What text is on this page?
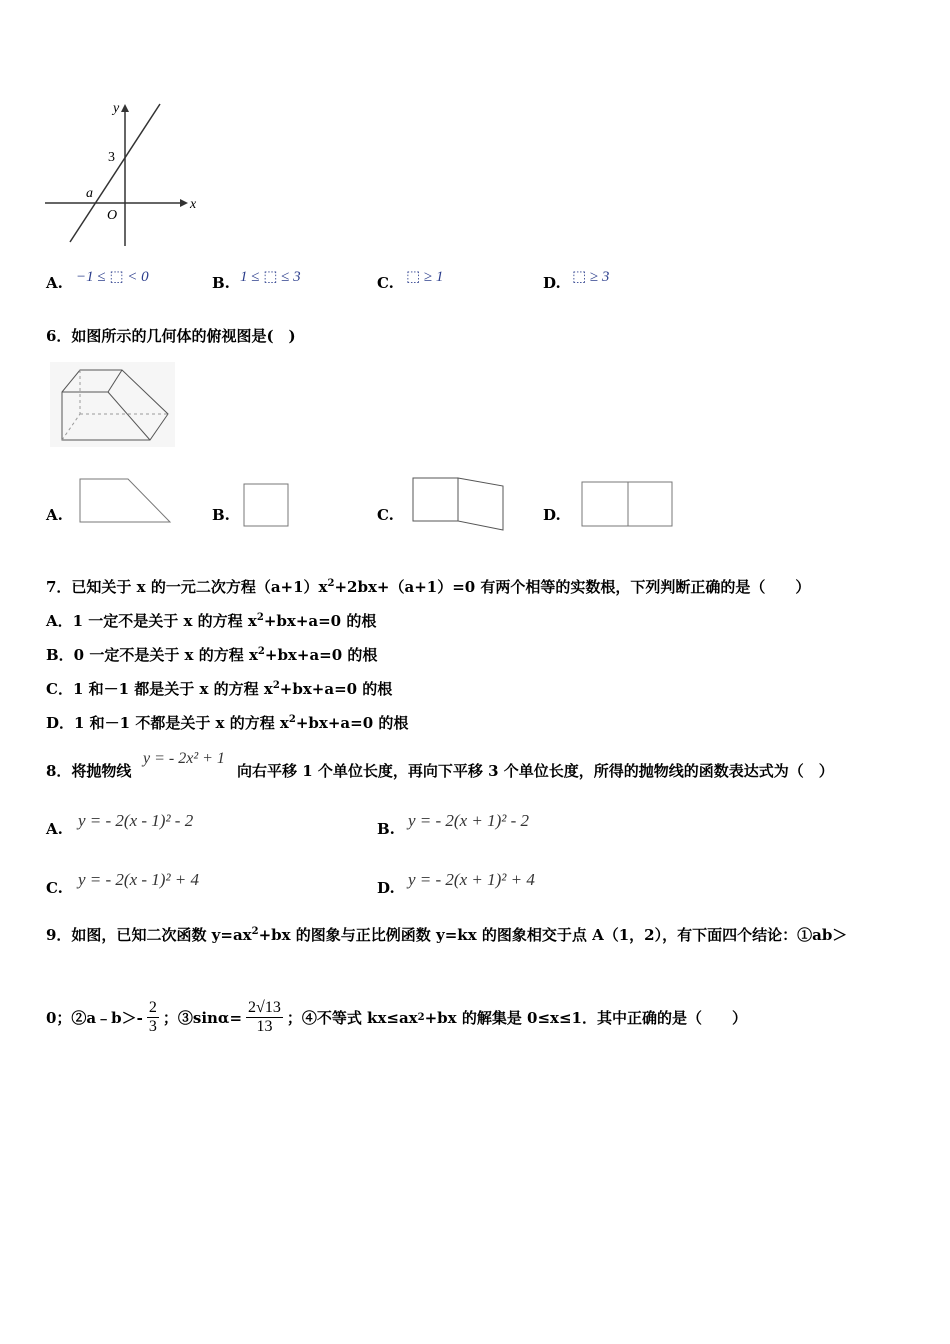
y
x
3
a
O
A. −1 ≤ ⬚ < 0	B. 1 ≤ ⬚ ≤ 3	C. ⬚ ≥ 1	D. ⬚ ≥ 3
6．如图所示的几何体的俯视图是(　)
A.	B.	C.	D.
7．已知关于 x 的一元二次方程$(a+1)x^2+2bx+(a+1)=0$ 有两个相等的实数根，下列判断正确的是（　　）
A．1 一定不是关于 x 的方程 $x^2+bx+a=0$ 的根
B．0 一定不是关于 x 的方程 $x^2+bx+a=0$ 的根
C．1 和－1 都是关于 x 的方程 $x^2+bx+a=0$ 的根
D．1 和－1 不都是关于 x 的方程 $x^2+bx+a=0$ 的根
8．将抛物线
y = - 2x² + 1
向右平移 1 个单位长度，再向下平移 3 个单位长度，所得的抛物线的函数表达式为（　）
A. y = - 2(x - 1)² - 2	B. y = - 2(x + 1)² - 2
C. y = - 2(x - 1)² + 4	D. y = - 2(x + 1)² + 4
9．如图，已知二次函数 $y=ax^2+bx$ 的图象与正比例函数 y=kx 的图象相交于点 A（1，2），有下面四个结论：①ab＞
0；②a﹣b＞- $\frac{2}{3}$ ；③sinα= $\frac{2√13}{13}$ ；④不等式 kx≤ax 2 +bx 的解集是 0≤x≤1．其中正确的是（　　）
